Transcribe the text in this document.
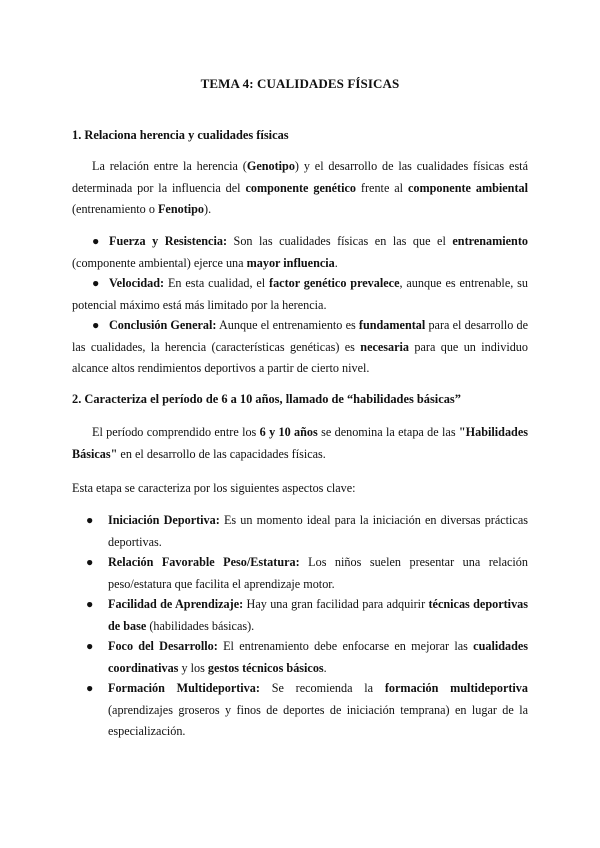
TEMA 4: CUALIDADES FÍSICAS
1. Relaciona herencia y cualidades físicas
La relación entre la herencia (Genotipo) y el desarrollo de las cualidades físicas está determinada por la influencia del componente genético frente al componente ambiental (entrenamiento o Fenotipo).
● Fuerza y Resistencia: Son las cualidades físicas en las que el entrenamiento (componente ambiental) ejerce una mayor influencia.
● Velocidad: En esta cualidad, el factor genético prevalece, aunque es entrenable, su potencial máximo está más limitado por la herencia.
● Conclusión General: Aunque el entrenamiento es fundamental para el desarrollo de las cualidades, la herencia (características genéticas) es necesaria para que un individuo alcance altos rendimientos deportivos a partir de cierto nivel.
2. Caracteriza el período de 6 a 10 años, llamado de “habilidades básicas”
El período comprendido entre los 6 y 10 años se denomina la etapa de las "Habilidades Básicas" en el desarrollo de las capacidades físicas.
Esta etapa se caracteriza por los siguientes aspectos clave:
● Iniciación Deportiva: Es un momento ideal para la iniciación en diversas prácticas deportivas.
● Relación Favorable Peso/Estatura: Los niños suelen presentar una relación peso/estatura que facilita el aprendizaje motor.
● Facilidad de Aprendizaje: Hay una gran facilidad para adquirir técnicas deportivas de base (habilidades básicas).
● Foco del Desarrollo: El entrenamiento debe enfocarse en mejorar las cualidades coordinativas y los gestos técnicos básicos.
● Formación Multideportiva: Se recomienda la formación multideportiva (aprendizajes groseros y finos de deportes de iniciación temprana) en lugar de la especialización.
